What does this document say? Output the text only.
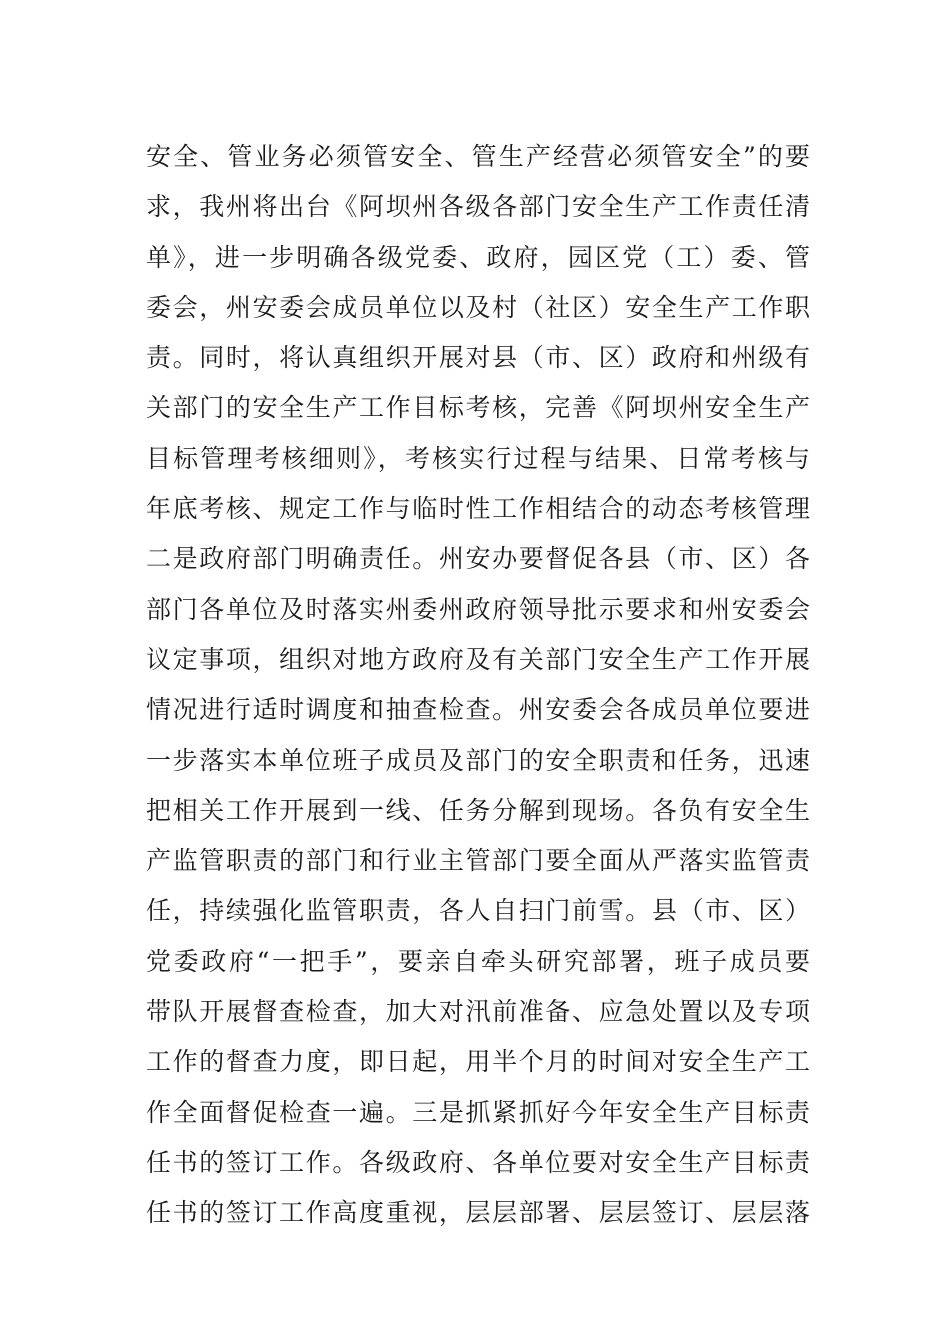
安全、管业务必须管安全、管生产经营必须管安全”的要
求，我州将出台《阿坝州各级各部门安全生产工作责任清
单》，进一步明确各级党委、政府，园区党（工）委、管
委会，州安委会成员单位以及村（社区）安全生产工作职
责。同时，将认真组织开展对县（市、区）政府和州级有
关部门的安全生产工作目标考核，完善《阿坝州安全生产
目标管理考核细则》，考核实行过程与结果、日常考核与
年底考核、规定工作与临时性工作相结合的动态考核管理
二是政府部门明确责任。州安办要督促各县（市、区）各
部门各单位及时落实州委州政府领导批示要求和州安委会
议定事项，组织对地方政府及有关部门安全生产工作开展
情况进行适时调度和抽查检查。州安委会各成员单位要进
一步落实本单位班子成员及部门的安全职责和任务，迅速
把相关工作开展到一线、任务分解到现场。各负有安全生
产监管职责的部门和行业主管部门要全面从严落实监管责
任，持续强化监管职责，各人自扫门前雪。县（市、区）
党委政府“一把手”，要亲自牵头研究部署，班子成员要
带队开展督查检查，加大对汛前准备、应急处置以及专项
工作的督查力度，即日起，用半个月的时间对安全生产工
作全面督促检查一遍。三是抓紧抓好今年安全生产目标责
任书的签订工作。各级政府、各单位要对安全生产目标责
任书的签订工作高度重视，层层部署、层层签订、层层落
